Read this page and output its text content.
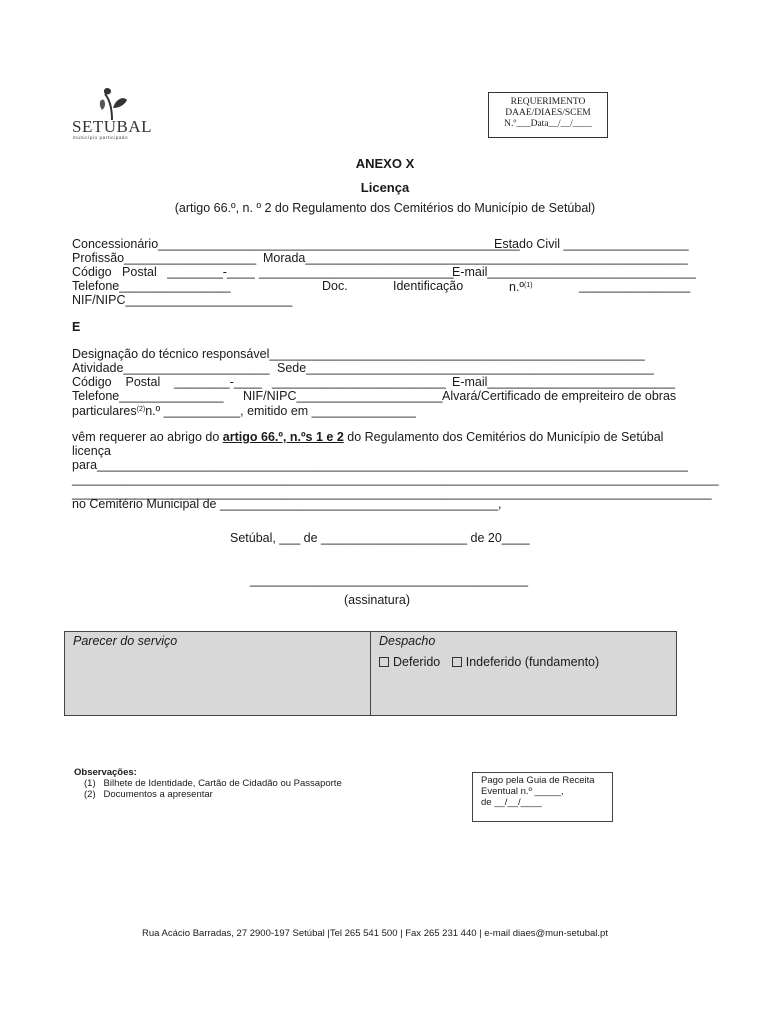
SETUBAL
município participado
REQUERIMENTO
DAAE/DIAES/SCEM
N.º___Data__/__/____
ANEXO X
Licença
(artigo 66.º, n. º 2 do Regulamento dos Cemitérios do Município de Setúbal)
Concessionário____________________________________________________
Estado Civil __________________
Profissão___________________ Morada_______________________________________________________
Código   Postal   ________-____ ____________________________
E-mail______________________________
Telefone________________	Doc.	Identificação	n.º$^{(1)}$	________________
NIF/NIPC________________________
E
Designação do técnico responsável______________________________________________________
Atividade_____________________ Sede__________________________________________________
Código    Postal    ________-____ _________________________ E-mail___________________________
Telefone_______________ NIF/NIPC_____________________ Alvará/Certificado de empreiteiro de obras
particulares$^{(2)}$n.º ___________, emitido em _______________
vêm requerer ao abrigo do artigo 66.º, n.ºs 1 e 2 do Regulamento dos Cemitérios do Município de Setúbal
licença
para_____________________________________________________________________________________
_____________________________________________________________________________________________
____________________________________________________________________________________________
no Cemitério Municipal de ________________________________________,
Setúbal, ___ de _____________________ de 20____
________________________________________
(assinatura)
Parecer do serviço	Despacho
Deferido Indeferido (fundamento)
Observações:
(1)   Bilhete de Identidade, Cartão de Cidadão ou Passaporte
(2)   Documentos a apresentar
Pago pela Guia de Receita
Eventual n.º _____,
de __/__/____
Rua Acácio Barradas, 27 2900-197 Setúbal |Tel 265 541 500 | Fax 265 231 440 | e-mail diaes@mun-setubal.pt
